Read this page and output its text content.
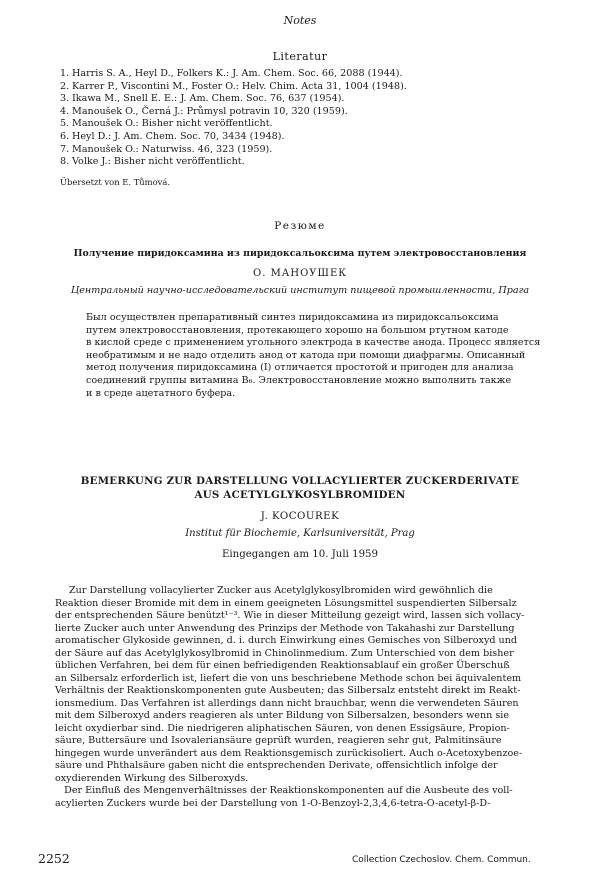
Notes
Literatur
1. Harris S. A., Heyl D., Folkers K.: J. Am. Chem. Soc. 66, 2088 (1944).
2. Karrer P., Viscontini M., Foster O.: Helv. Chim. Acta 31, 1004 (1948).
3. Ikawa M., Snell E. E.: J. Am. Chem. Soc. 76, 637 (1954).
4. Manoušek O., Černá J.: Průmysl potravin 10, 320 (1959).
5. Manoušek O.: Bisher nicht veröffentlicht.
6. Heyl D.: J. Am. Chem. Soc. 70, 3434 (1948).
7. Manoušek O.: Naturwiss. 46, 323 (1959).
8. Volke J.: Bisher nicht veröffentlicht.
Übersetzt von E. Tůmová.
Резюме
Получение пиридоксамина из пиридоксальоксима путем электровосстановления
О. МАНОУШЕК
Центральный научно-исследовательский институт пищевой промышленности, Прага
Был осуществлен препаративный синтез пиридоксамина из пиридоксальоксима
путем электровосстановления, протекающего хорошо на большом ртутном катоде
в кислой среде с применением угольного электрода в качестве анода. Процесс является
необратимым и не надо отделить анод от катода при помощи диафрагмы. Описанный
метод получения пиридоксамина (I) отличается простотой и пригоден для анализа
соединений группы витамина B₆. Электровосстановление можно выполнить также
и в среде ацетатного буфера.
BEMERKUNG ZUR DARSTELLUNG VOLLACYLIERTER ZUCKERDERIVATE
AUS ACETYLGLYKOSYLBROMIDEN
J. KOCOUREK
Institut für Biochemie, Karlsuniversität, Prag
Eingegangen am 10. Juli 1959
Zur Darstellung vollacylierter Zucker aus Acetylglykosylbromiden wird gewöhnlich die
Reaktion dieser Bromide mit dem in einem geeigneten Lösungsmittel suspendierten Silbersalz
der entsprechenden Säure benützt¹⁻³. Wie in dieser Mitteilung gezeigt wird, lassen sich vollacy-
lierte Zucker auch unter Anwendung des Prinzips der Methode von Takahashi zur Darstellung
aromatischer Glykoside gewinnen, d. i. durch Einwirkung eines Gemisches von Silberoxyd und
der Säure auf das Acetylglykosylbromid in Chinolinmedium. Zum Unterschied von dem bisher
üblichen Verfahren, bei dem für einen befriedigenden Reaktionsablauf ein großer Überschuß
an Silbersalz erforderlich ist, liefert die von uns beschriebene Methode schon bei äquivalentem
Verhältnis der Reaktionskomponenten gute Ausbeuten; das Silbersalz entsteht direkt im Reakt-
ionsmedium. Das Verfahren ist allerdings dann nicht brauchbar, wenn die verwendeten Säuren
mit dem Silberoxyd anders reagieren als unter Bildung von Silbersalzen, besonders wenn sie
leicht oxydierbar sind. Die niedrigeren aliphatischen Säuren, von denen Essigsäure, Propion-
säure, Buttersäure und Isovaleriansäure geprüft wurden, reagieren sehr gut, Palmitinsäure
hingegen wurde unverändert aus dem Reaktionsgemisch zurückisoliert. Auch o-Acetoxybenzoe-
säure und Phthalsäure gaben nicht die entsprechenden Derivate, offensichtlich infolge der
oxydierenden Wirkung des Silberoxyds.
Der Einfluß des Mengenverhältnisses der Reaktionskomponenten auf die Ausbeute des voll-
acylierten Zuckers wurde bei der Darstellung von 1-O-Benzoyl-2,3,4,6-tetra-O-acetyl-β-D-
2252	Collection Czechoslov. Chem. Commun.
